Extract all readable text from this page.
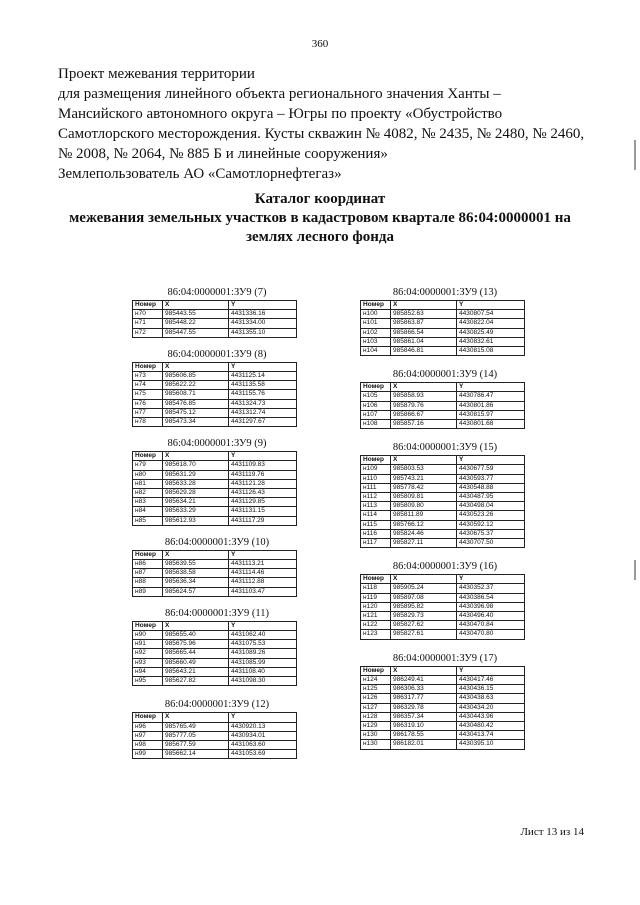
360
Проект межевания территории
для размещения линейного объекта регионального значения Ханты –
Мансийского автономного округа – Югры по проекту «Обустройство
Самотлорского месторождения. Кусты скважин № 4082, № 2435, № 2480, № 2460,
№ 2008, № 2064, № 885 Б и линейные сооружения»
Землепользователь АО «Самотлорнефтегаз»
Каталог координат
межевания земельных участков в кадастровом квартале 86:04:0000001 на
землях лесного фонда
86:04:0000001:ЗУ9 (7)
Номер	X	Y
н70	985443.55	4431336.16
н71	985448.22	4431334.00
н72	985447.55	4431355.10
86:04:0000001:ЗУ9 (8)
Номер	X	Y
н73	985606.85	4431125.14
н74	985622.22	4431135.58
н75	985608.71	4431155.76
н76	985476.85	4431324.73
н77	985475.12	4431312.74
н78	985473.34	4431297.67
86:04:0000001:ЗУ9 (9)
Номер	X	Y
н79	985618.70	4431109.83
н80	985631.29	4431119.76
н81	985633.28	4431121.28
н82	985629.28	4431126.43
н83	985634.21	4431129.85
н84	985633.29	4431131.15
н85	985612.93	4431117.29
86:04:0000001:ЗУ9 (10)
Номер	X	Y
н86	985639.55	4431113.21
н87	985638.58	4431114.46
н88	985636.34	4431112.88
н89	985624.57	4431103.47
86:04:0000001:ЗУ9 (11)
Номер	X	Y
н90	985655.40	4431062.40
н91	985675.96	4431075.53
н92	985665.44	4431089.26
н93	985660.49	4431085.99
н94	985643.21	4431108.40
н95	985627.82	4431098.30
86:04:0000001:ЗУ9 (12)
Номер	X	Y
н96	985765.49	4430920.13
н97	985777.05	4430934.01
н98	985677.59	4431063.60
н99	985662.14	4431053.69
86:04:0000001:ЗУ9 (13)
Номер	X	Y
н100	985852.63	4430807.54
н101	985863.87	4430822.04
н102	985866.54	4430825.49
н103	985861.04	4430832.61
н104	985846.81	4430815.08
86:04:0000001:ЗУ9 (14)
Номер	X	Y
н105	985858.93	4430786.47
н106	985879.76	4430801.86
н107	985866.67	4430815.97
н108	985857.16	4430801.68
86:04:0000001:ЗУ9 (15)
Номер	X	Y
н109	985803.53	4430677.59
н110	985743.21	4430593.77
н111	985778.42	4430548.88
н112	985809.81	4430487.95
н113	985809.80	4430498.04
н114	985811.89	4430523.26
н115	985766.12	4430592.12
н116	985824.46	4430675.37
н117	985827.11	4430707.50
86:04:0000001:ЗУ9 (16)
Номер	X	Y
н118	985905.24	4430352.37
н119	985897.08	4430386.54
н120	985895.82	4430396.98
н121	985829.73	4430496.40
н122	985827.62	4430470.84
н123	985827.61	4430470.80
86:04:0000001:ЗУ9 (17)
Номер	X	Y
н124	986249.41	4430417.46
н125	986306.33	4430436.15
н126	986317.77	4430438.63
н127	986329.78	4430434.20
н128	986357.34	4430443.96
н129	986319.10	4430480.42
н130	986178.55	4430413.74
н130	986182.01	4430395.10
Лист 13 из 14
